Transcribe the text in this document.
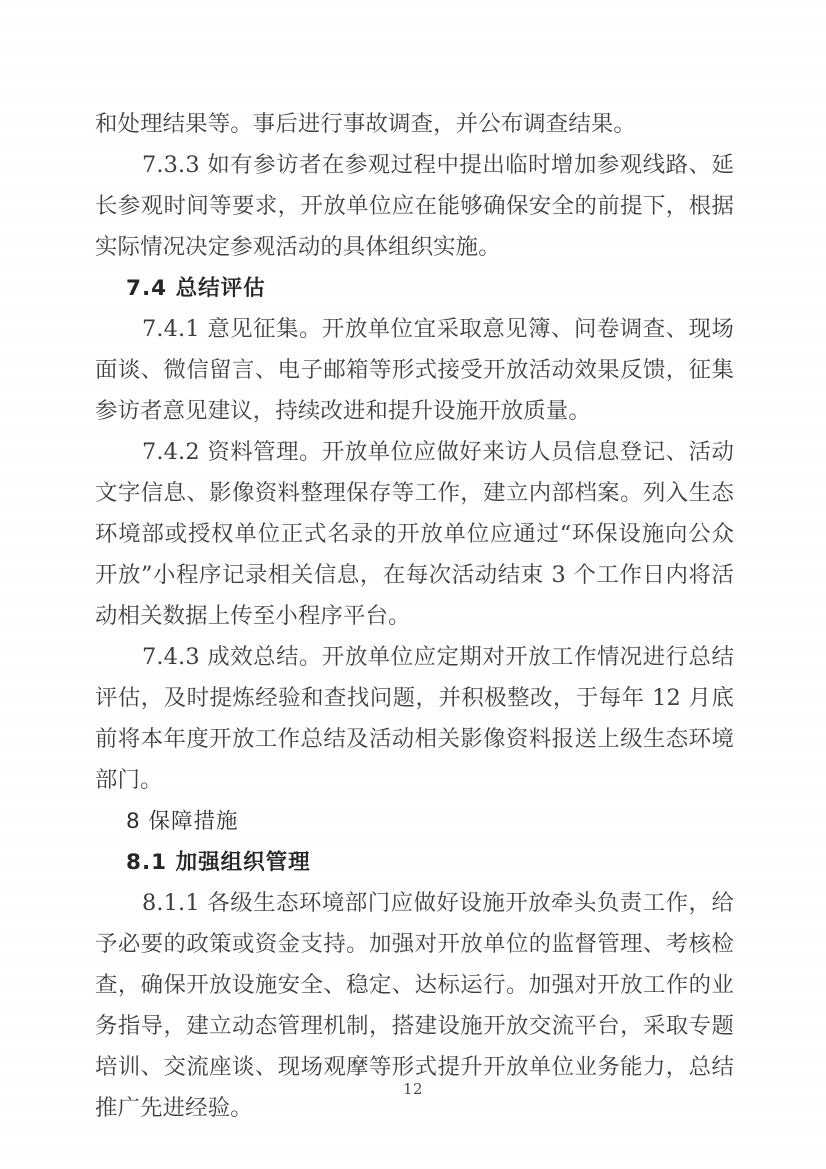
和处理结果等。事后进行事故调查，并公布调查结果。

7.3.3 如有参访者在参观过程中提出临时增加参观线路、延长参观时间等要求，开放单位应在能够确保安全的前提下，根据实际情况决定参观活动的具体组织实施。

7.4 总结评估

7.4.1 意见征集。开放单位宜采取意见簿、问卷调查、现场面谈、微信留言、电子邮箱等形式接受开放活动效果反馈，征集参访者意见建议，持续改进和提升设施开放质量。

7.4.2 资料管理。开放单位应做好来访人员信息登记、活动文字信息、影像资料整理保存等工作，建立内部档案。列入生态环境部或授权单位正式名录的开放单位应通过“环保设施向公众开放”小程序记录相关信息，在每次活动结束 3 个工作日内将活动相关数据上传至小程序平台。

7.4.3 成效总结。开放单位应定期对开放工作情况进行总结评估，及时提炼经验和查找问题，并积极整改，于每年 12 月底前将本年度开放工作总结及活动相关影像资料报送上级生态环境部门。

8 保障措施
8.1 加强组织管理

8.1.1 各级生态环境部门应做好设施开放牵头负责工作，给予必要的政策或资金支持。加强对开放单位的监督管理、考核检查，确保开放设施安全、稳定、达标运行。加强对开放工作的业务指导，建立动态管理机制，搭建设施开放交流平台，采取专题培训、交流座谈、现场观摩等形式提升开放单位业务能力，总结推广先进经验。

12
